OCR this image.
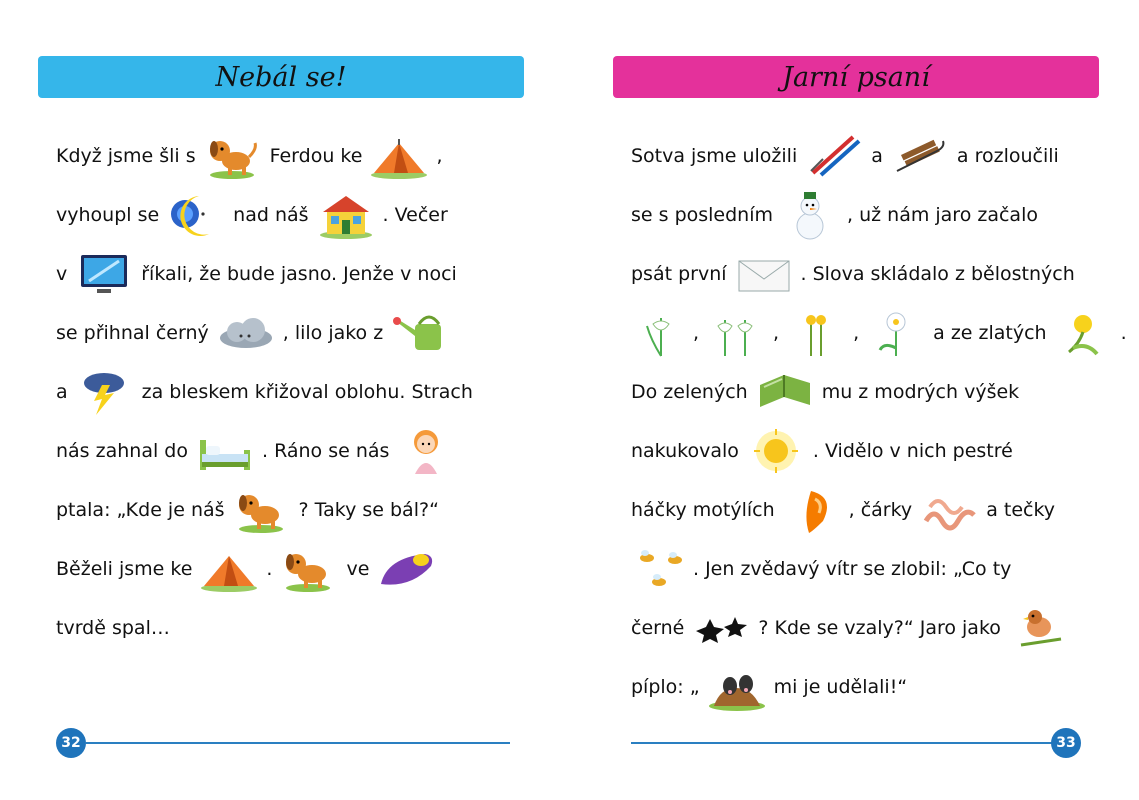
Nebál se!
Když jsme šli s	Ferdou ke	,
vyhoupl se	nad náš	. Večer
v	říkali, že bude jasno. Jenže v noci
se přihnal černý	, lilo jako z
a	za bleskem křižoval oblohu. Strach
nás zahnal do	. Ráno se nás
ptala: „Kde je náš	? Taky se bál?“
Běželi jsme ke	.	ve
tvrdě spal…
32
Jarní psaní
Sotva jsme uložili	a	a rozloučili
se s posledním	, už nám jaro začalo
psát první	. Slova skládalo z bělostných
,	,	,	a ze zlatých	.
Do zelených	mu z modrých výšek
nakukovalo	. Vidělo v nich pestré
háčky motýlích	, čárky	a tečky
. Jen zvědavý vítr se zlobil: „Co ty
černé	? Kde se vzaly?“ Jaro jako
píplo: „	mi je udělali!“
33
